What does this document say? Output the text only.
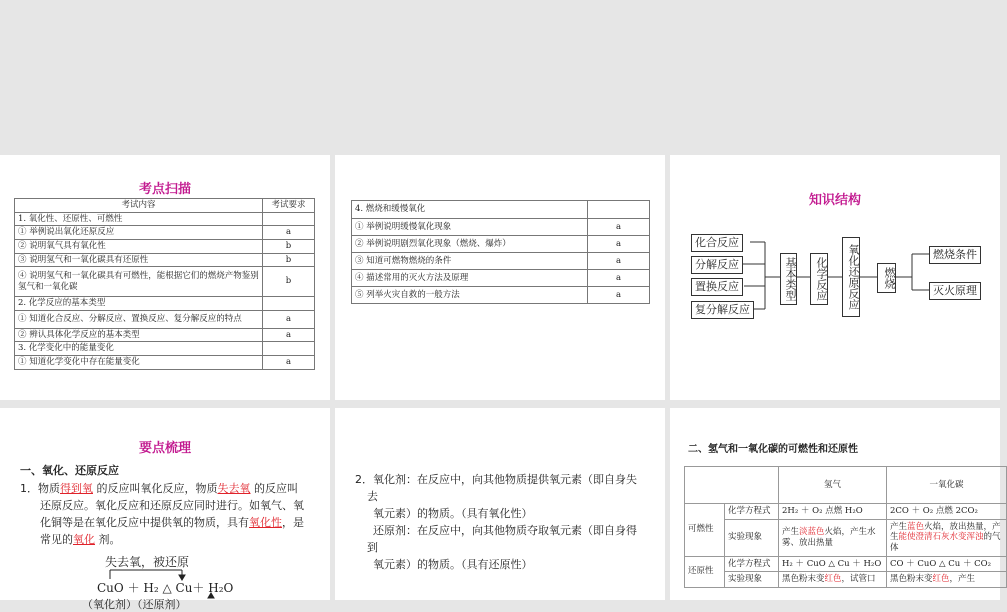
考点扫描
考试内容	考试要求
1. 氧化性、还原性、可燃性	
① 举例说出氧化还原反应	a
② 说明氧气具有氧化性	b
③ 说明氢气和一氧化碳具有还原性	b
④ 说明氢气和一氧化碳具有可燃性，能根据它们的燃烧产物鉴别氢气和一氧化碳	b
2. 化学反应的基本类型	
① 知道化合反应、分解反应、置换反应、复分解反应的特点	a
② 辨认具体化学反应的基本类型	a
3. 化学变化中的能量变化	
① 知道化学变化中存在能量变化	a
4. 燃烧和缓慢氧化	
① 举例说明缓慢氧化现象	a
② 举例说明剧烈氧化现象（燃烧、爆炸）	a
③ 知道可燃物燃烧的条件	a
④ 描述常用的灭火方法及原理	a
⑤ 列举火灾自救的一般方法	a
知识结构
化合反应
分解反应
置换反应
复分解反应
基本类型	化学反应	氧化还原反应	燃烧
燃烧条件
灭火原理
要点梳理
一、氧化、还原反应
1．物质得到氧 的反应叫氧化反应，物质失去氧 的反应叫
还原反应。氧化反应和还原反应同时进行。如氧气、氧
化铜等是在氧化反应中提供氧的物质，具有氧化性，是
常见的氧化 剂。
失去氧，被还原
CuO ＋ H₂ △ Cu＋ H₂O
（氧化剂）（还原剂）
2．氧化剂：在反应中，向其他物质提供氧元素（即自身失
去
氧元素）的物质。（具有氧化性）
还原剂：在反应中，向其他物质夺取氧元素（即自身得
到
氧元素）的物质。（具有还原性）
二、氢气和一氧化碳的可燃性和还原性
		氢气	一氧化碳
可燃性	化学方程式	2H₂ ＋ O₂ 点燃 H₂O	2CO ＋ O₂ 点燃 2CO₂
	实验现象	产生淡蓝色火焰，产生水雾、放出热量	产生蓝色火焰，放出热量，产生能使澄清石灰水变浑浊的气体
还原性	化学方程式	H₂ ＋ CuO △ Cu ＋ H₂O	CO ＋ CuO △ Cu ＋ CO₂
	实验现象	黑色粉末变红色，试管口	黑色粉末变红色，产生
